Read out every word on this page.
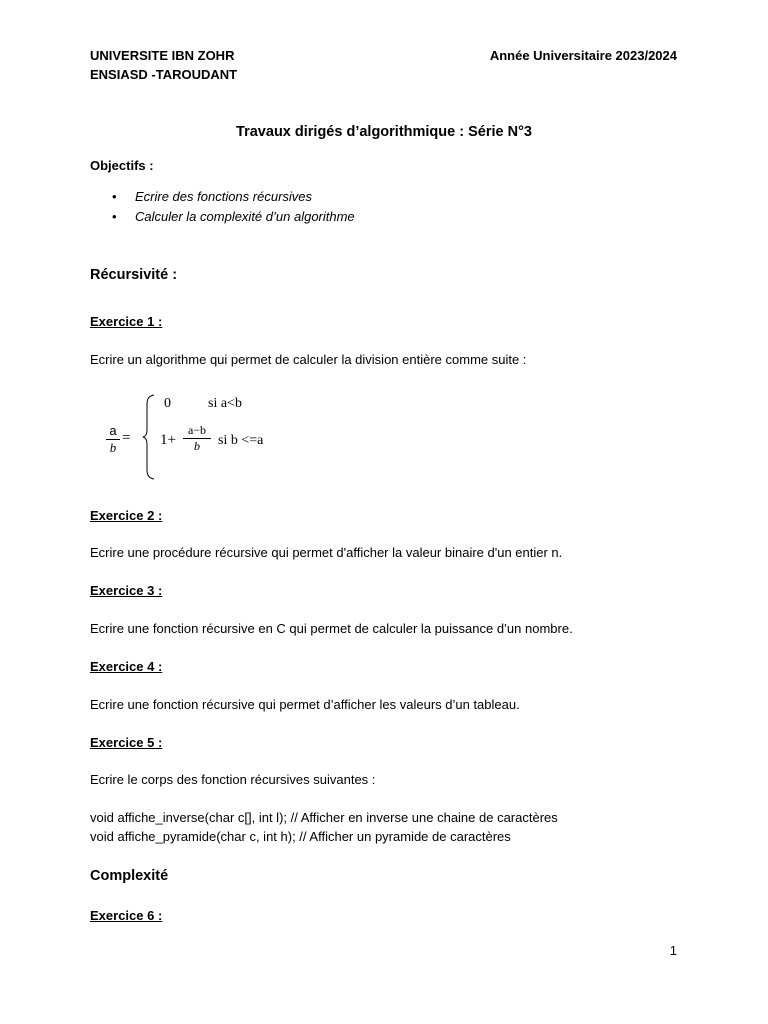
UNIVERSITE IBN ZOHR
ENSIASD -TAROUDANT
Année Universitaire 2023/2024
Travaux dirigés d’algorithmique : Série N°3
Objectifs :
• Ecrire des fonctions récursives
• Calculer la complexité d’un algorithme
Récursivité :
Exercice 1 :
Ecrire un algorithme qui permet de calculer la division entière comme suite :
a
b
=
0	si a<b
1+
a−b
b	si b <=a
Exercice 2 :
Ecrire une procédure récursive qui permet d'afficher la valeur binaire d'un entier n.
Exercice 3 :
Ecrire une fonction récursive en C qui permet de calculer la puissance d’un nombre.
Exercice 4 :
Ecrire une fonction récursive qui permet d’afficher les valeurs d’un tableau.
Exercice 5 :
Ecrire le corps des fonction récursives suivantes :
void affiche_inverse(char c[], int l); // Afficher en inverse une chaine de caractères
void affiche_pyramide(char c, int h); // Afficher un pyramide de caractères
Complexité
Exercice 6 :
1
